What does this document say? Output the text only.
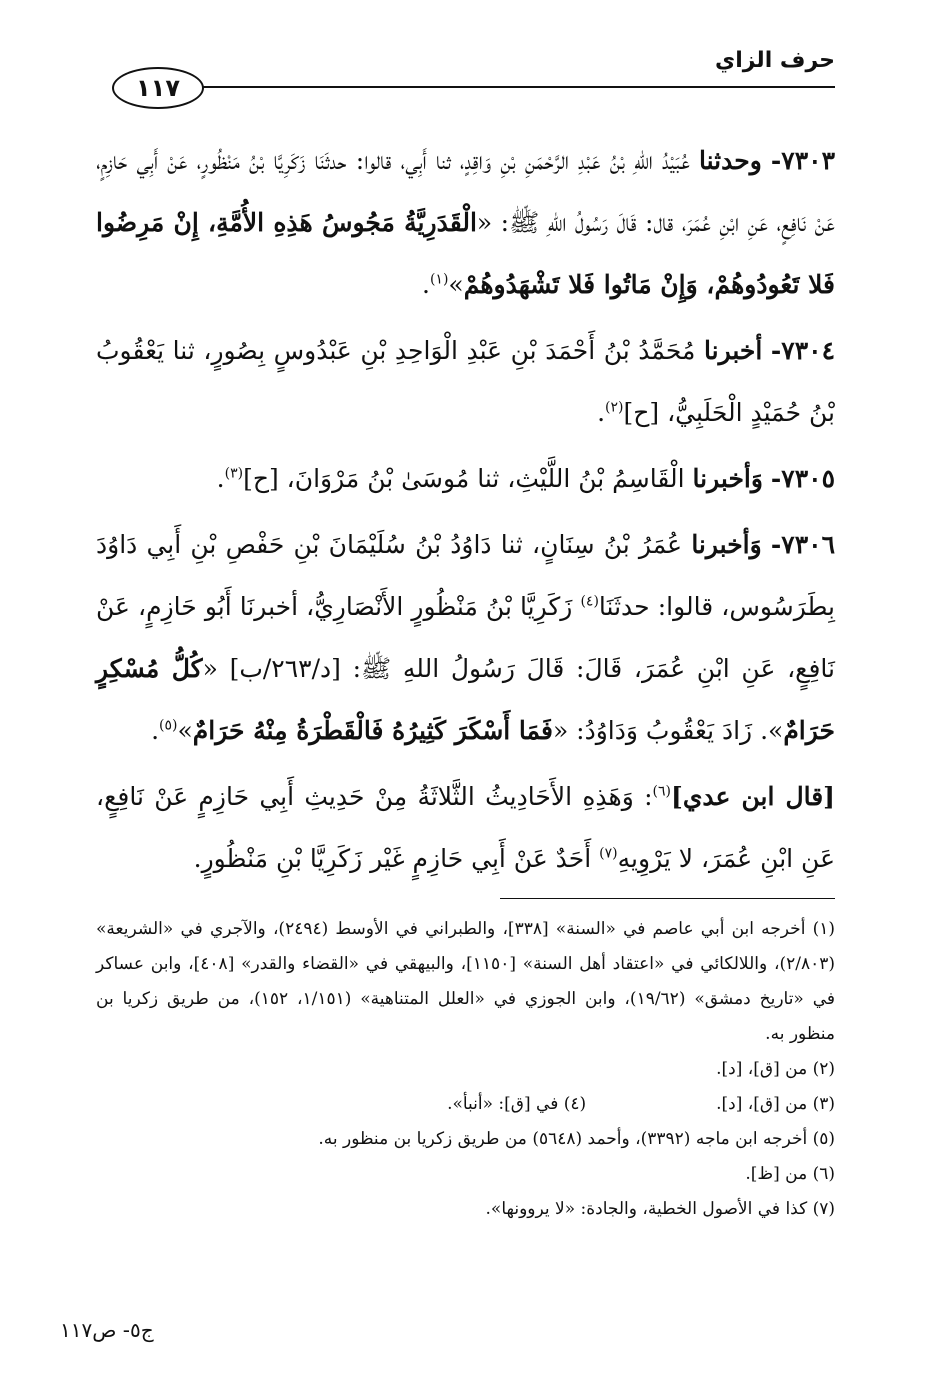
حرف الزاي
١١٧

٧٣٠٣- وحدثنا عُبَيْدُ اللهِ بْنُ عَبْدِ الرَّحْمَنِ بْنِ وَاقِدٍ، ثنا أَبِي، قالوا: حدثَنَا زَكَرِيَّا بْنُ مَنْظُورٍ، عَنْ أَبِي حَازِمٍ، عَنْ نَافِعٍ، عَنِ ابْنِ عُمَرَ، قال: قَالَ رَسُولُ اللهِ ﷺ: «الْقَدَرِيَّةُ مَجُوسُ هَذِهِ الأُمَّةِ، إِنْ مَرِضُوا فَلا تَعُودُوهُمْ، وَإِنْ مَاتُوا فَلا تَشْهَدُوهُمْ»$^{(١)}$.

٧٣٠٤- أخبرنا مُحَمَّدُ بْنُ أَحْمَدَ بْنِ عَبْدِ الْوَاحِدِ بْنِ عَبْدُوسٍ بِصُورٍ، ثنا يَعْقُوبُ بْنُ حُمَيْدٍ الْحَلَبِيُّ، [ح]$^{(٢)}$.

٧٣٠٥- وَأخبرنا الْقَاسِمُ بْنُ اللَّيْثِ، ثنا مُوسَىٰ بْنُ مَرْوَانَ، [ح]$^{(٣)}$.

٧٣٠٦- وَأخبرنا عُمَرُ بْنُ سِنَانٍ، ثنا دَاوُدُ بْنُ سُلَيْمَانَ بْنِ حَفْصِ بْنِ أَبِي دَاوُدَ بِطَرَسُوس، قالوا: حدثَنَا$^{(٤)}$ زَكَرِيَّا بْنُ مَنْظُورٍ الأَنْصَارِيُّ، أخبرنَا أَبُو حَازِمٍ، عَنْ نَافِعٍ، عَنِ ابْنِ عُمَرَ، قَالَ: قَالَ رَسُولُ اللهِ ﷺ: [د/٢٦٣/ب] «كُلُّ مُسْكِرٍ حَرَامٌ». زَادَ يَعْقُوبُ وَدَاوُدُ: «فَمَا أَسْكَرَ كَثِيرُهُ فَالْقَطْرَةُ مِنْهُ حَرَامٌ»$^{(٥)}$.

[قال ابن عدي]$^{(٦)}$: وَهَذِهِ الأَحَادِيثُ الثَّلاثَةُ مِنْ حَدِيثِ أَبِي حَازِمٍ عَنْ نَافِعٍ، عَنِ ابْنِ عُمَرَ، لا يَرْوِيهِ$^{(٧)}$ أَحَدٌ عَنْ أَبِي حَازِمٍ غَيْر زَكَرِيَّا بْنِ مَنْظُورٍ.

(١) أخرجه ابن أبي عاصم في «السنة» [٣٣٨]، والطبراني في الأوسط (٢٤٩٤)، والآجري في «الشريعة» (٢/٨٠٣)، واللالكائي في «اعتقاد أهل السنة» [١١٥٠]، والبيهقي في «القضاء والقدر» [٤٠٨]، وابن عساكر في «تاريخ دمشق» (١٩/٦٢)، وابن الجوزي في «العلل المتناهية» (١/١٥١، ١٥٢)، من طريق زكريا بن منظور به.

(٢) من [ق]، [د].

(٣) من [ق]، [د].

(٤) في [ق]: «أنبأ».

(٥) أخرجه ابن ماجه (٣٣٩٢)، وأحمد (٥٦٤٨) من طريق زكريا بن منظور به.

(٦) من [ظ].

(٧) كذا في الأصول الخطية، والجادة: «لا يروونها».

ج٥- ص١١٧
